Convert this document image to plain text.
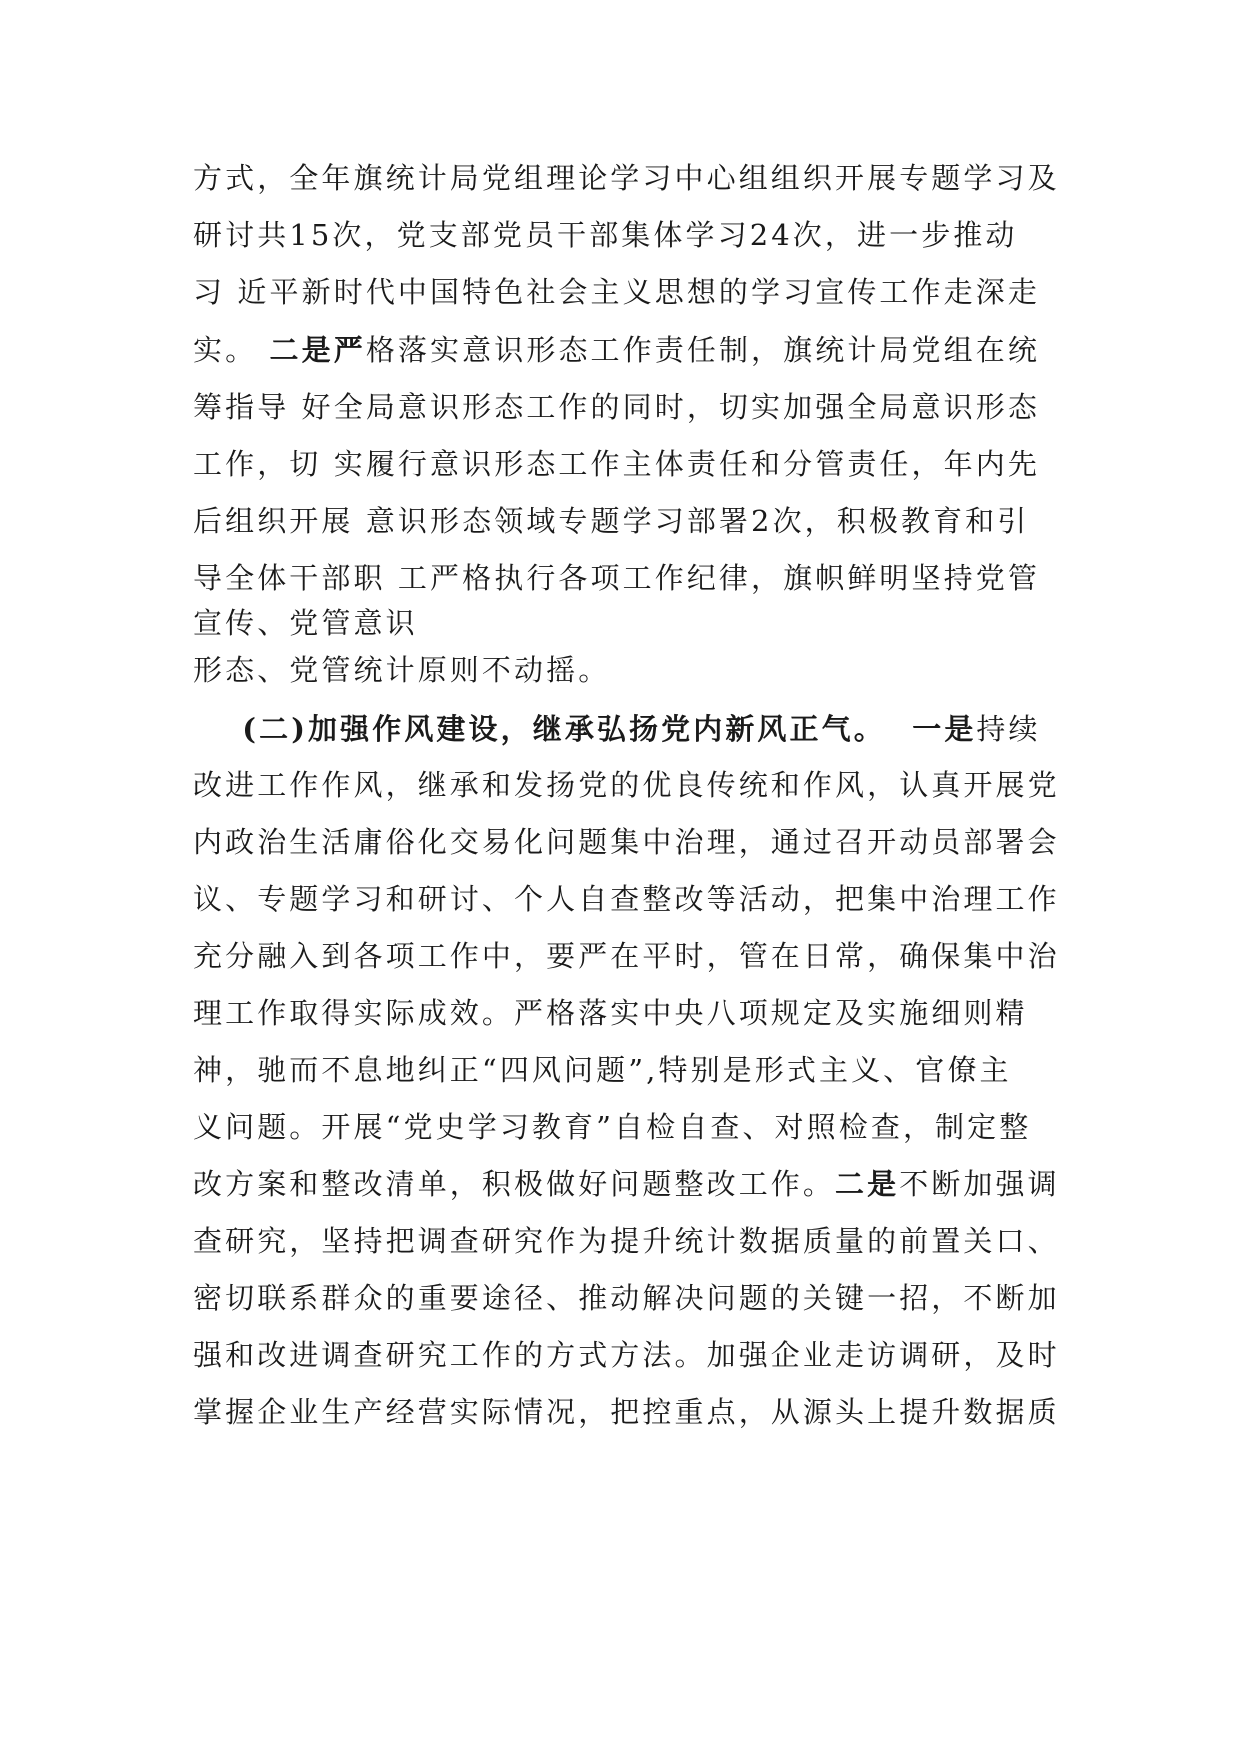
方式，全年旗统计局党组理论学习中心组组织开展专题学习及
研讨共15次，党支部党员干部集体学习24次，进一步推动
习 近平新时代中国特色社会主义思想的学习宣传工作走深走
实。 二是严格落实意识形态工作责任制，旗统计局党组在统
筹指导 好全局意识形态工作的同时，切实加强全局意识形态
工作，切 实履行意识形态工作主体责任和分管责任，年内先
后组织开展 意识形态领域专题学习部署2次，积极教育和引
导全体干部职 工严格执行各项工作纪律，旗帜鲜明坚持党管
宣传、党管意识
形态、党管统计原则不动摇。
(二)加强作风建设，继承弘扬党内新风正气。  一是持续
改进工作作风，继承和发扬党的优良传统和作风，认真开展党
内政治生活庸俗化交易化问题集中治理，通过召开动员部署会
议、专题学习和研讨、个人自查整改等活动，把集中治理工作
充分融入到各项工作中，要严在平时，管在日常，确保集中治
理工作取得实际成效。严格落实中央八项规定及实施细则精
神，驰而不息地纠正“四风问题”,特别是形式主义、官僚主
义问题。开展“党史学习教育”自检自查、对照检查，制定整
改方案和整改清单，积极做好问题整改工作。二是不断加强调
查研究，坚持把调查研究作为提升统计数据质量的前置关口、
密切联系群众的重要途径、推动解决问题的关键一招，不断加
强和改进调查研究工作的方式方法。加强企业走访调研，及时
掌握企业生产经营实际情况，把控重点，从源头上提升数据质
